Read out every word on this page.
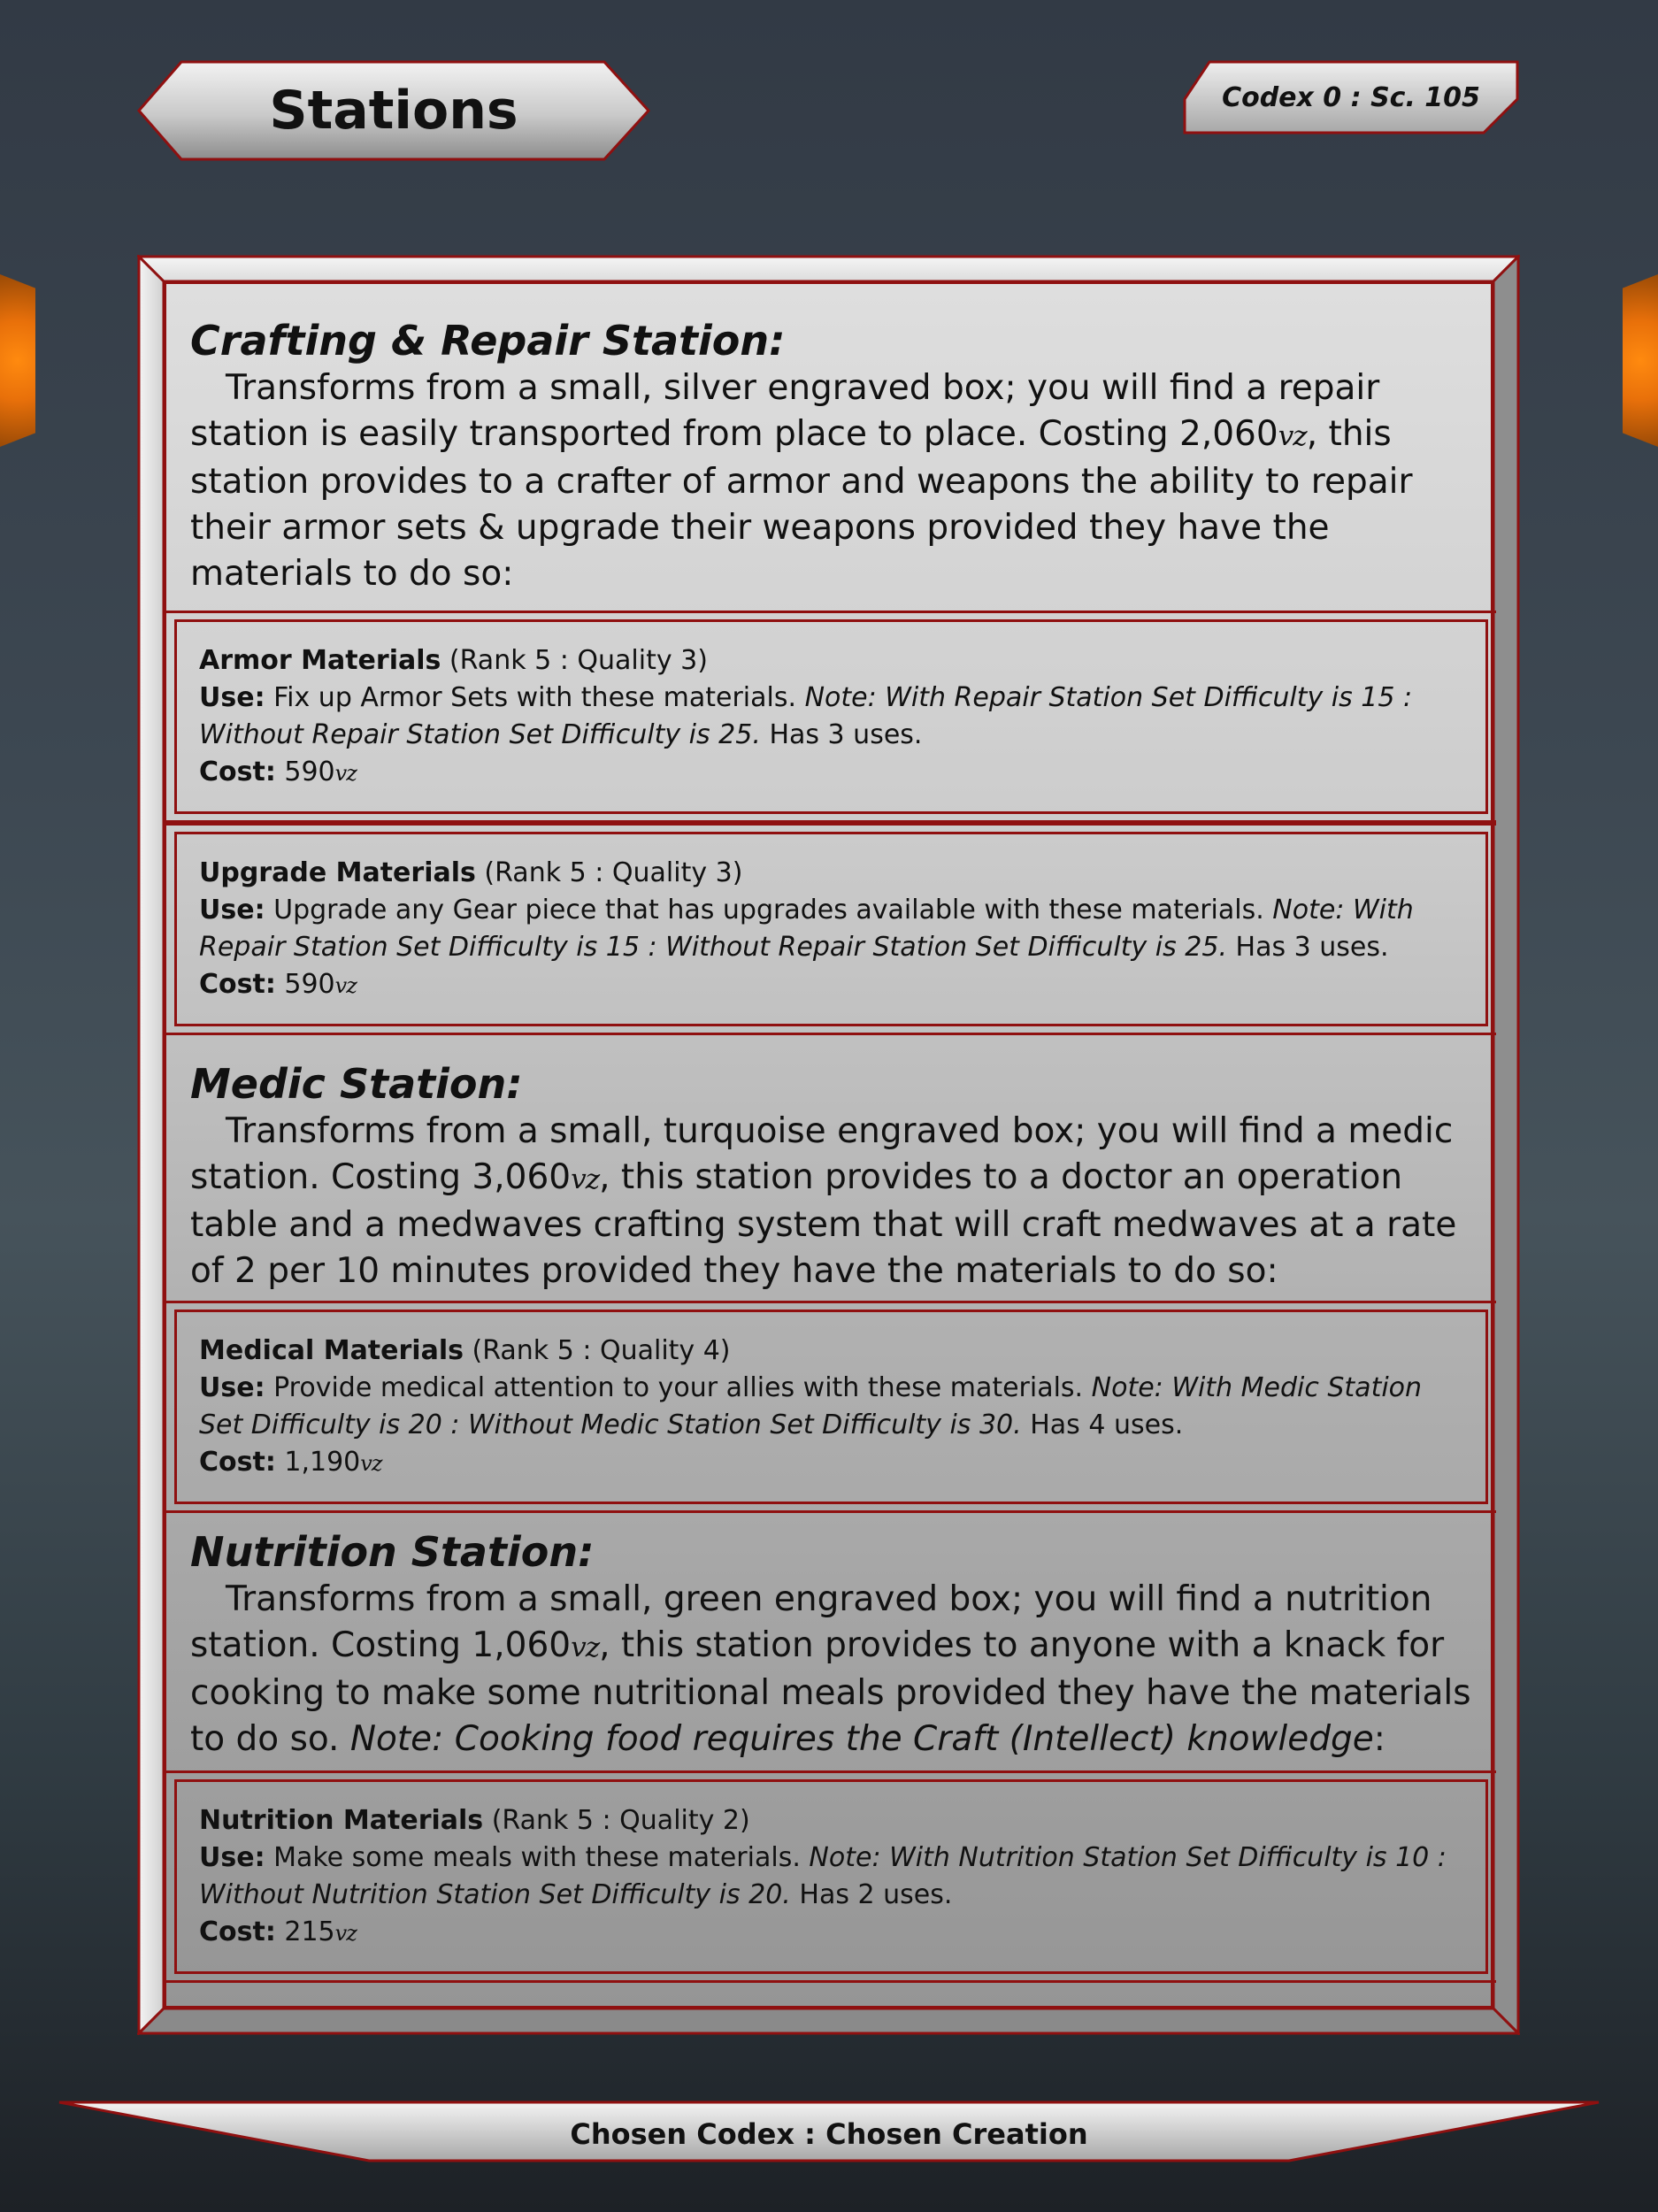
Stations	Codex 0 : Sc. 105
Crafting & Repair Station:

Transforms from a small, silver engraved box; you will find a repair station is easily transported from place to place. Costing 2,060vz, this station provides to a crafter of armor and weapons the ability to repair their armor sets & upgrade their weapons provided they have the materials to do so:

Armor Materials (Rank 5 : Quality 3)
Use: Fix up Armor Sets with these materials. Note: With Repair Station Set Difficulty is 15 : Without Repair Station Set Difficulty is 25. Has 3 uses.
Cost: 590vz
Upgrade Materials (Rank 5 : Quality 3)
Use: Upgrade any Gear piece that has upgrades available with these materials. Note: With Repair Station Set Difficulty is 15 : Without Repair Station Set Difficulty is 25. Has 3 uses.
Cost: 590vz
Medic Station:

Transforms from a small, turquoise engraved box; you will find a medic station. Costing 3,060vz, this station provides to a doctor an operation table and a medwaves crafting system that will craft medwaves at a rate of 2 per 10 minutes provided they have the materials to do so:

Medical Materials (Rank 5 : Quality 4)
Use: Provide medical attention to your allies with these materials. Note: With Medic Station Set Difficulty is 20 : Without Medic Station Set Difficulty is 30. Has 4 uses.
Cost: 1,190vz
Nutrition Station:

Transforms from a small, green engraved box; you will find a nutrition station. Costing 1,060vz, this station provides to anyone with a knack for cooking to make some nutritional meals provided they have the materials to do so. Note: Cooking food requires the Craft (Intellect) knowledge:

Nutrition Materials (Rank 5 : Quality 2)
Use: Make some meals with these materials. Note: With Nutrition Station Set Difficulty is 10 : Without Nutrition Station Set Difficulty is 20. Has 2 uses.
Cost: 215vz
Chosen Codex : Chosen Creation
